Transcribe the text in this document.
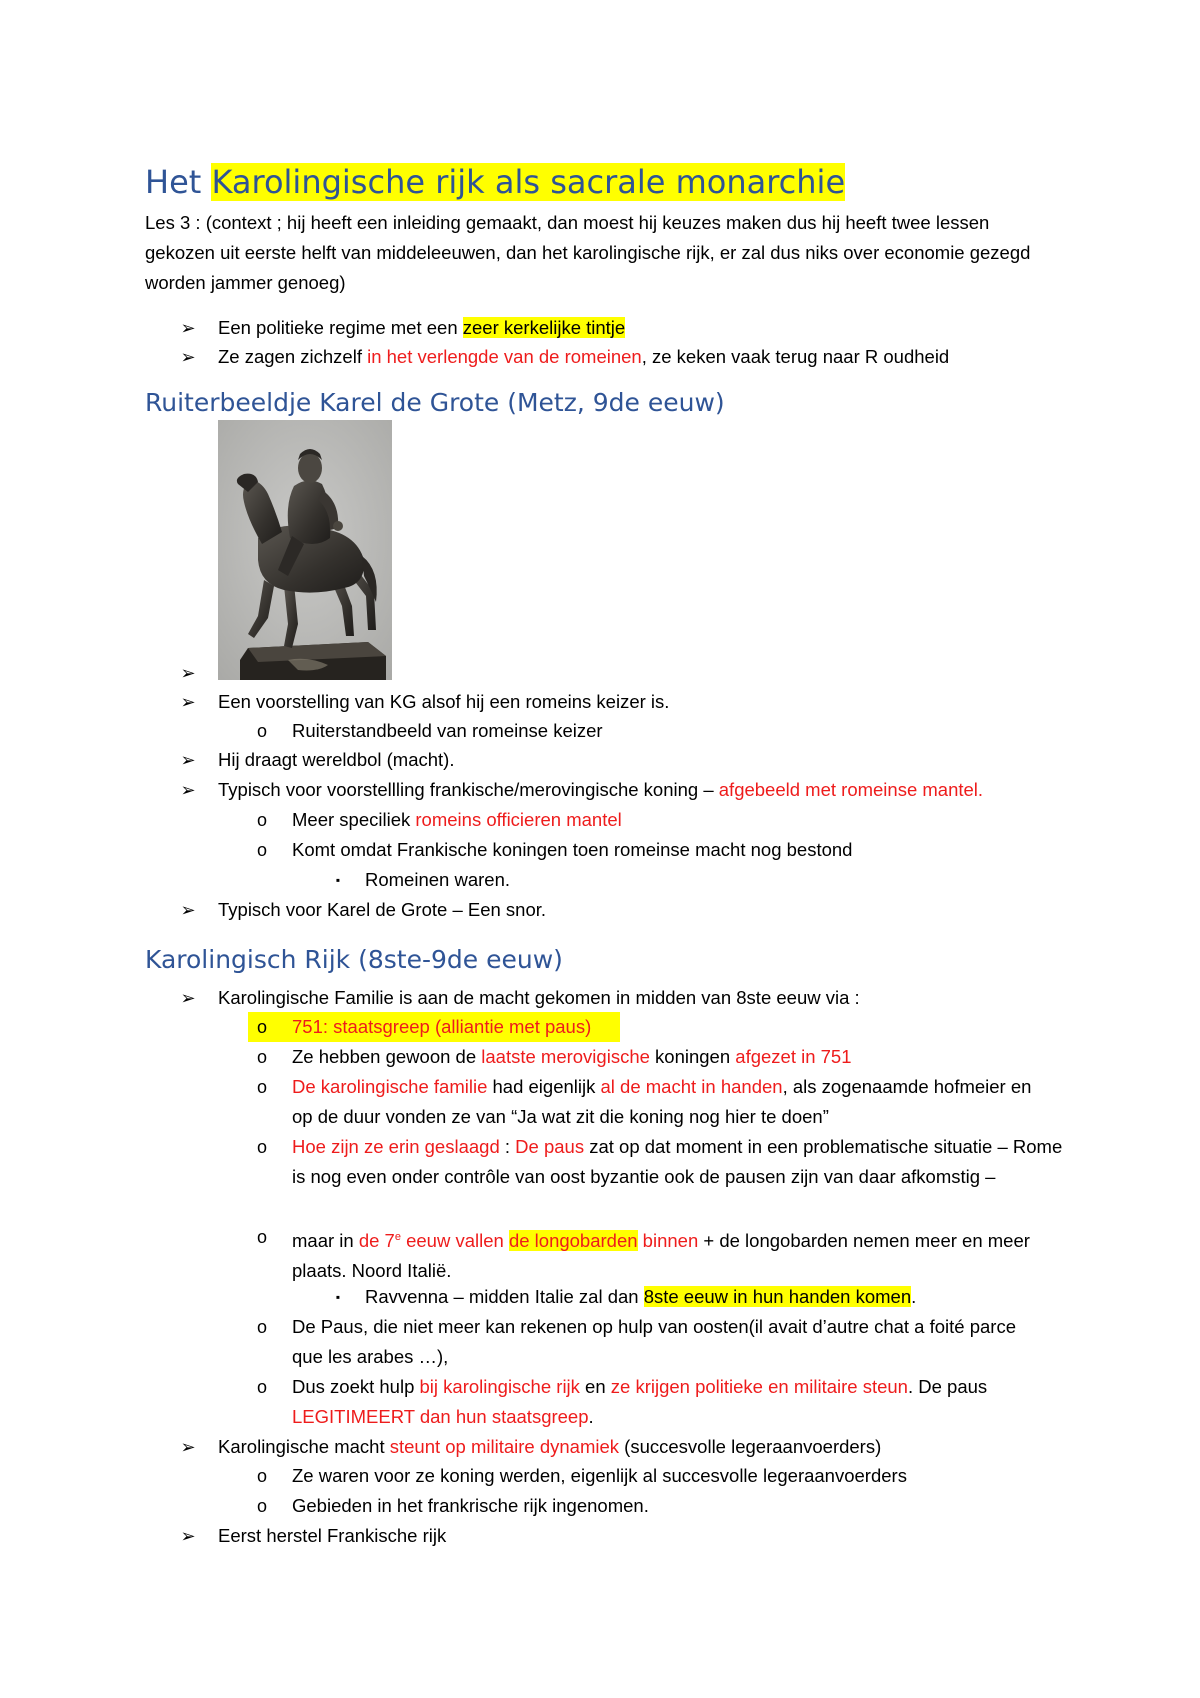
Het Karolingische rijk als sacrale monarchie
Les 3 : (context ; hij heeft een inleiding gemaakt, dan moest hij keuzes maken dus hij heeft twee lessen gekozen uit eerste helft van middeleeuwen, dan het karolingische rijk, er zal dus niks over economie gezegd worden jammer genoeg)
➢ Een politieke regime met een zeer kerkelijke tintje
➢ Ze zagen zichzelf in het verlengde van de romeinen, ze keken vaak terug naar R oudheid
Ruiterbeeldje Karel de Grote (Metz, 9de eeuw)
➢
➢ Een voorstelling van KG alsof hij een romeins keizer is.
o Ruiterstandbeeld van romeinse keizer
➢ Hij draagt wereldbol (macht).
➢ Typisch voor voorstellling frankische/merovingische koning – afgebeeld met romeinse mantel.
o Meer speciliek romeins officieren mantel
o Komt omdat Frankische koningen toen romeinse macht nog bestond
▪	Romeinen waren.
➢ Typisch voor Karel de Grote – Een snor.
Karolingisch Rijk (8ste-9de eeuw)
➢ Karolingische Familie is aan de macht gekomen in midden van 8ste eeuw via :
o 751: staatsgreep (alliantie met paus)
o Ze hebben gewoon de laatste merovigische koningen afgezet in 751
o De karolingische familie had eigenlijk al de macht in handen, als zogenaamde hofmeier en op de duur vonden ze van “Ja wat zit die koning nog hier te doen”
o Hoe zijn ze erin geslaagd : De paus zat op dat moment in een problematische situatie – Rome is nog even onder contrôle van oost byzantie ook de pausen zijn van daar afkomstig –
o maar in de 7e eeuw vallen de longobarden binnen + de longobarden nemen meer en meer plaats. Noord Italië.
▪	Ravvenna – midden Italie zal dan 8ste eeuw in hun handen komen.
o De Paus, die niet meer kan rekenen op hulp van oosten(il avait d’autre chat a foité parce que les arabes …),
o Dus zoekt hulp bij karolingische rijk en ze krijgen politieke en militaire steun. De paus LEGITIMEERT dan hun staatsgreep.
➢ Karolingische macht steunt op militaire dynamiek (succesvolle legeraanvoerders)
o Ze waren voor ze koning werden, eigenlijk al succesvolle legeraanvoerders
o Gebieden in het frankrische rijk ingenomen.
➢ Eerst herstel Frankische rijk
